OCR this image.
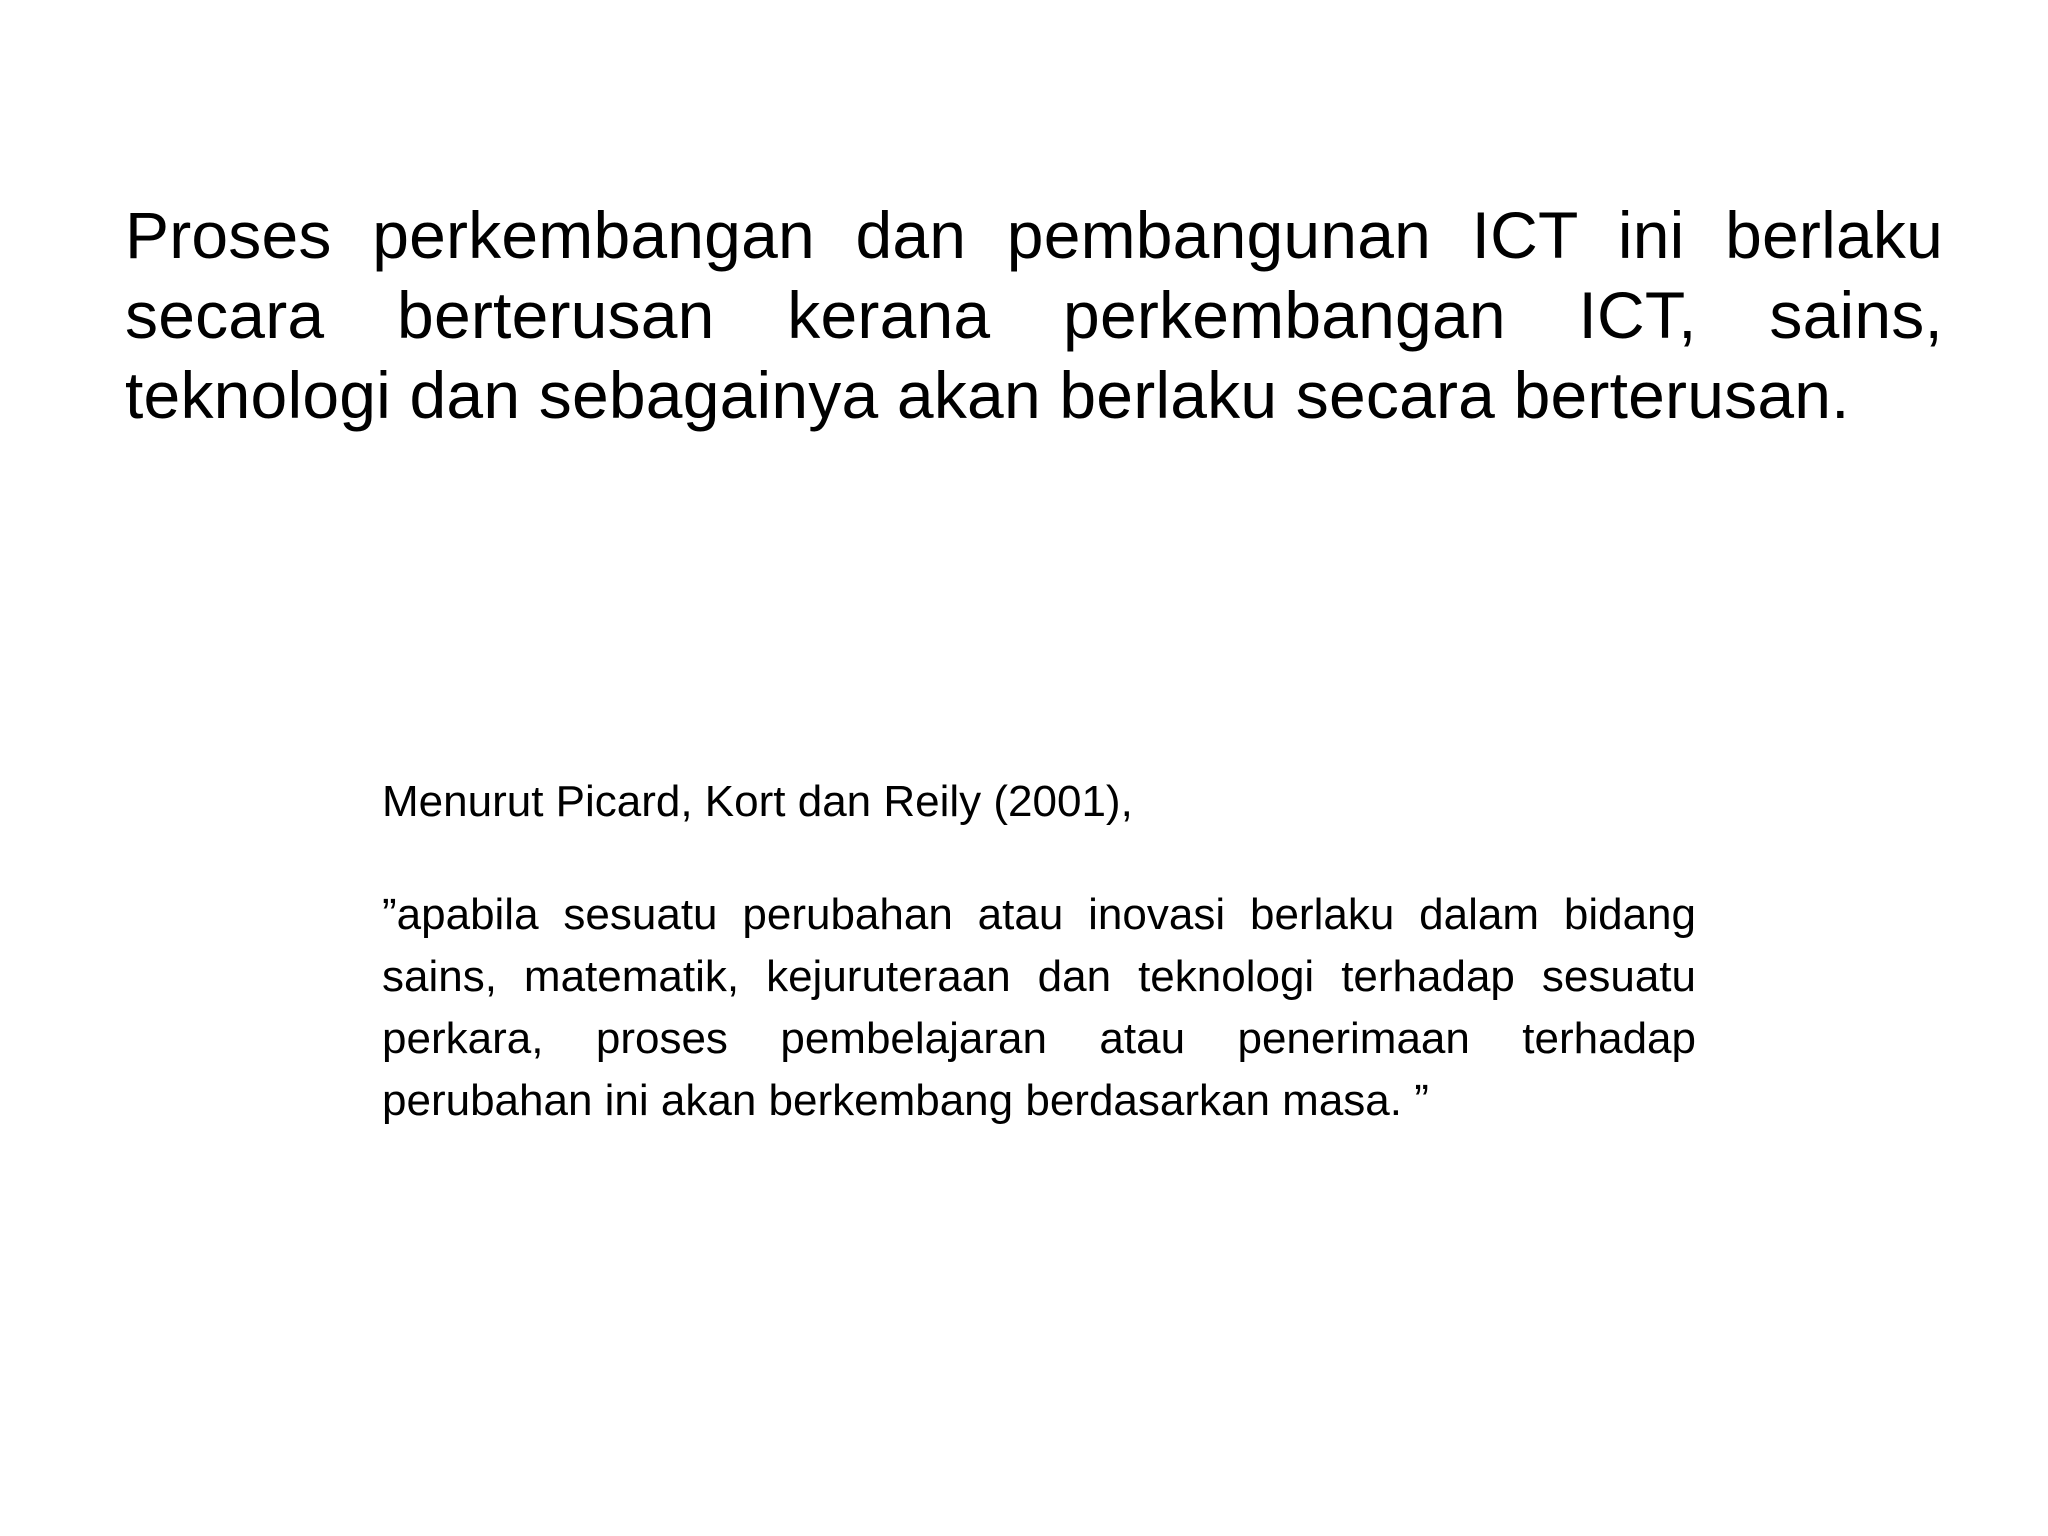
Proses perkembangan dan pembangunan ICT ini berlaku secara berterusan kerana perkembangan ICT, sains, teknologi dan sebagainya akan berlaku secara berterusan.

Menurut Picard, Kort dan Reily (2001),

”apabila sesuatu perubahan atau inovasi berlaku dalam bidang sains, matematik, kejuruteraan dan teknologi terhadap sesuatu perkara, proses pembelajaran atau penerimaan terhadap perubahan ini akan berkembang berdasarkan masa. ”
